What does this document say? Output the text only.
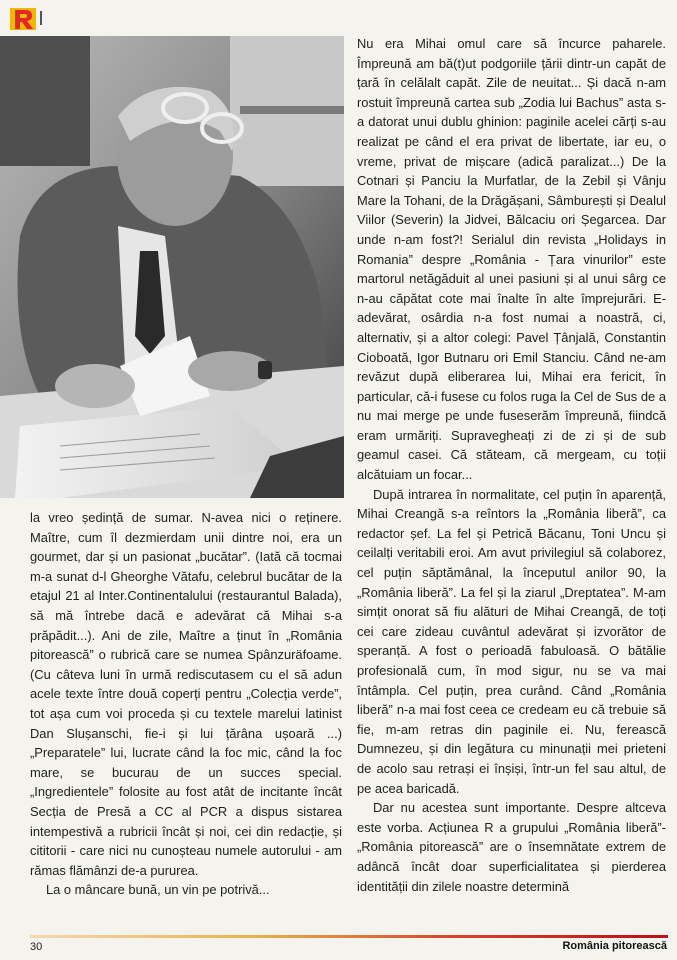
la vreo ședință de sumar. N-avea nici o reținere. Maître, cum îl dezmierdam unii dintre noi, era un gourmet, dar și un pasionat „bucătar”. (Iată că tocmai m-a sunat d-l Gheorghe Vătafu, celebrul bucătar de la etajul 21 al Inter.Continentalului (restaurantul Balada), să mă întrebe dacă e adevărat că Mihai s-a prăpădit...). Ani de zile, Maître a ținut în „România pitorească” o rubrică care se numea Spânzuräfoame. (Cu câteva luni în urmă rediscutasem cu el să adun acele texte între două coperți pentru „Colecția verde”, tot așa cum voi proceda și cu textele marelui latinist Dan Slușanschi, fie-i și lui țărâna ușoară ...) „Preparatele” lui, lucrate când la foc mic, când la foc mare, se bucurau de un succes special. „Ingredientele” folosite au fost atât de incitante încât Secția de Presă a CC al PCR a dispus sistarea intempestivă a rubricii încât și noi, cei din redacție, și cititorii - care nici nu cunoșteau numele autorului - am rămas flămânzi de-a pururea.

La o mâncare bună, un vin pe potrivă...

Nu era Mihai omul care să încurce paharele. Împreună am bă(t)ut podgoriile țării dintr-un capăt de țară în celălalt capăt. Zile de neuitat... Și dacă n-am rostuit împreună cartea sub „Zodia lui Bachus” asta s-a datorat unui dublu ghinion: paginile acelei cărți s-au realizat pe când el era privat de libertate, iar eu, o vreme, privat de mișcare (adică paralizat...) De la Cotnari și Panciu la Murfatlar, de la Zebil și Vânju Mare la Tohani, de la Drăgășani, Sâmburești și Dealul Viilor (Severin) la Jidvei, Bălcaciu ori Șegarcea. Dar unde n-am fost?! Serialul din revista „Holidays in Romania” despre „România - Țara vinurilor” este martorul netăgăduit al unei pasiuni și al unui sârg ce n-au căpătat cote mai înalte în alte împrejurări. E-adevărat, osârdia n-a fost numai a noastră, ci, alternativ, și a altor colegi: Pavel Țânjală, Constantin Cioboată, Igor Butnaru ori Emil Stanciu. Când ne-am revăzut după eliberarea lui, Mihai era fericit, în particular, că-i fusese cu folos ruga la Cel de Sus de a nu mai merge pe unde fuseserăm împreună, fiindcă eram urmăriți. Supravegheați zi de zi și de sub geamul casei. Că stăteam, că mergeam, cu toții alcătuiam un focar...

După intrarea în normalitate, cel puțin în aparență, Mihai Creangă s-a reîntors la „România liberă”, ca redactor șef. La fel și Petrică Băcanu, Toni Uncu și ceilalți veritabili eroi. Am avut privilegiul să colaborez, cel puțin săptămânal, la începutul anilor 90, la „România liberă”. La fel și la ziarul „Dreptatea”. M-am simțit onorat să fiu alături de Mihai Creangă, de toți cei care zideau cuvântul adevărat și izvorător de speranță. A fost o perioadă fabuloasă. O bătălie profesională cum, în mod sigur, nu se va mai întâmpla. Cel puțin, prea curând. Când „România liberă” n-a mai fost ceea ce credeam eu că trebuie să fie, m-am retras din paginile ei. Nu, ferească Dumnezeu, și din legătura cu minunații mei prieteni de acolo sau retrași ei înșiși, într-un fel sau altul, de pe acea baricadă.

Dar nu acestea sunt importante. Despre altceva este vorba. Acțiunea R a grupului „România liberă”-„România pitorească” are o însemnătate extrem de adâncă încât doar superficialitatea și pierderea identității din zilele noastre determină

30	România pitorească
